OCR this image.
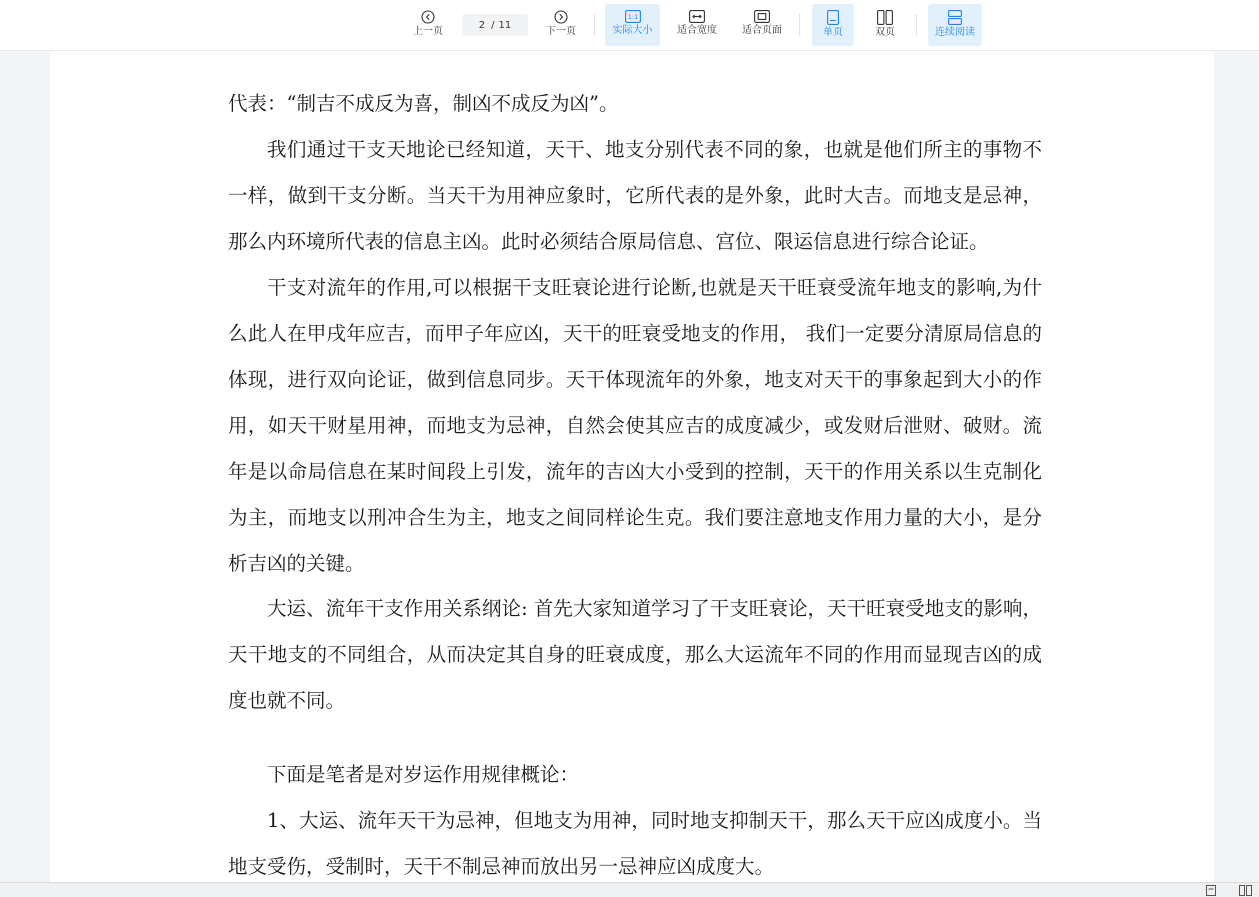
上一页
2 / 11
下一页
1:1
实际大小 适合宽度	适合页面	单页	双页	连续阅读

代表：“制吉不成反为喜，制凶不成反为凶”。

我们通过干支天地论已经知道，天干、地支分别代表不同的象，也就是他们所主的事物不一样，做到干支分断。当天干为用神应象时，它所代表的是外象，此时大吉。而地支是忌神，那么内环境所代表的信息主凶。此时必须结合原局信息、宫位、限运信息进行综合论证。

干支对流年的作用,可以根据干支旺衰论进行论断,也就是天干旺衰受流年地支的影响,为什么此人在甲戌年应吉，而甲子年应凶，天干的旺衰受地支的作用， 我们一定要分清原局信息的体现，进行双向论证，做到信息同步。天干体现流年的外象，地支对天干的事象起到大小的作用，如天干财星用神，而地支为忌神，自然会使其应吉的成度减少，或发财后泄财、破财。流年是以命局信息在某时间段上引发，流年的吉凶大小受到的控制，天干的作用关系以生克制化为主，而地支以刑冲合生为主，地支之间同样论生克。我们要注意地支作用力量的大小，是分析吉凶的关键。

大运、流年干支作用关系纲论: 首先大家知道学习了干支旺衰论，天干旺衰受地支的影响，天干地支的不同组合，从而决定其自身的旺衰成度，那么大运流年不同的作用而显现吉凶的成度也就不同。

下面是笔者是对岁运作用规律概论：

1、大运、流年天干为忌神，但地支为用神，同时地支抑制天干，那么天干应凶成度小。当地支受伤，受制时，天干不制忌神而放出另一忌神应凶成度大。
